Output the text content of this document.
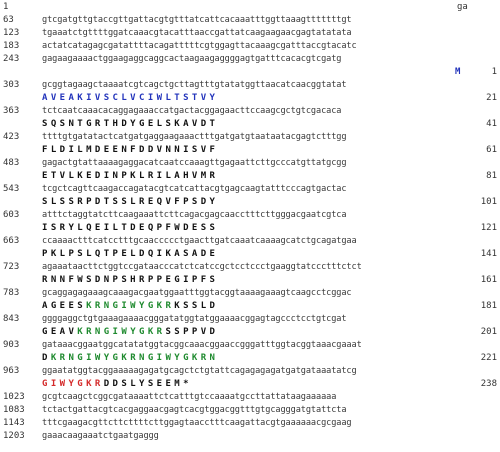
1	ga
63	gtcgatgttgtaccgttgattacgtgtttatcattcacaaatttggttaaagtttttttgt
123	tgaaatctgttttggatcaaacgtacatttaaccgattatcaagaagaacgagtatatata
183	actatcatagagcgatattttacagatttttcgtggagttacaaagcgatttaccgtacatc
243	gagaagaaaactggaagaggcaggcactaagaagaggggagtgatttcacacgtcgatg
M	1
303	gcggtagaagctaaaatcgtcagctgcttagtttgtatatggttaacatcaacggtatat
AVEAKIVSCLVCIWLTSTVY	21
363	tctcaatcaaacacaggagaaaccatgactacggagaacttccaagcgctgtcgacaca
SQSNTGRTHDYGELSKAVDT	41
423	ttttgtgatatactcatgatgaggaagaaactttgatgatgtaataatacgagtctttgg
FLDILMDEENFDDVNNISVF	61
483	gagactgtattaaaagaggacatcaatccaaagttgagaattcttgcccatgttatgcgg
ETVLKEDINPKLRILAHVMR	81
543	tcgctcagttcaagaccagatacgtcatcattacgtgagcaagtatttcccagtgactac
SLSSRPDTSSLREQVFPSDY	101
603	atttctaggtatcttcaagaaattcttcagacgagcaacctttcttgggacgaatcgtca
ISRYLQEILTDEQPFWDESS	121
663	ccaaaactttcatcctttgcaaccccctgaacttgatcaaatcaaaagcatctgcagatgaa
PKLPSLQTPELDQIKASADE	141
723	agaaataacttctggtccgataacccatctcatccgctcctccctgaaggtatccctttctct
RNNFWSDNPSHRPPEGIPFS	161
783	gcaggagagaaagcaaagacgaatggaatttggtacggtaaaagaaagtcaagcctcggac
AGEESKRNGIWYGKRKSSLD	181
843	ggggaggctgtgaaagaaaacgggatatggtatggaaaacggagtagccctcctgtcgat
GEAVKRNGIWYGKRSSPPVD	201
903	gataaacggaatggcatatatggtacggcaaacggaaccgggatttggtacggtaaacgaaat
DKRNGIWYGKRNGIWYGKRN	221
963	ggaatatggtacggaaaaagagatgcagctctgtattcagagagagatgatgataaatatcg
GIWYGKRDDSLYSEEM*	238
1023 gcgtcaagctcggcgataaaattctcatttgtccaaaatgccttattataagaaaaaa
1083 tctactgattacgtcacgaggaacgagtcacgtggacggtttgtgcagggatgtattcta
1143 tttcgaagacgttcttcttttcttggagtaacctttcaagattacgtgaaaaaacgcgaag
1203 gaaacaagaaatctgaatgaggg
